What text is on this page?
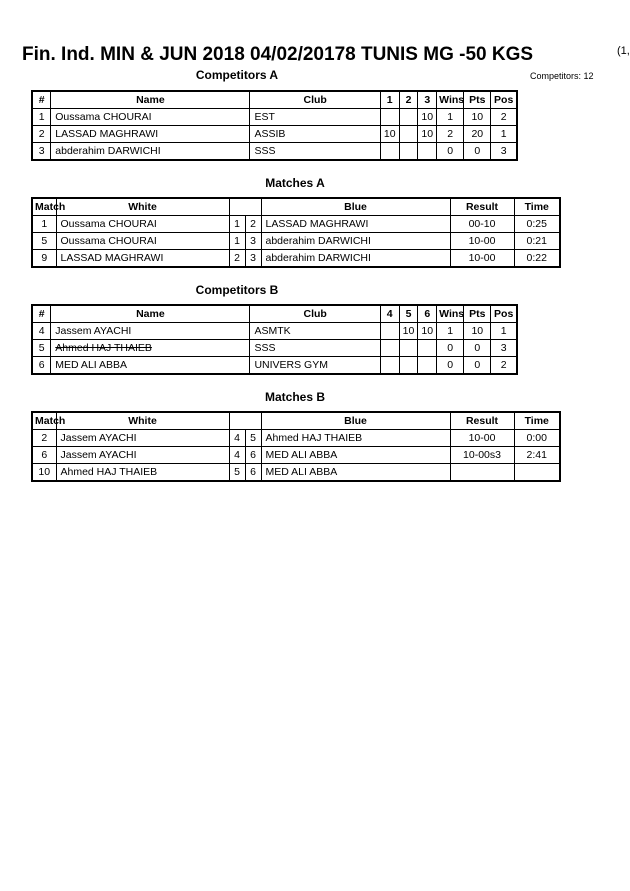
Fin. Ind. MIN & JUN 2018 04/02/20178 TUNIS MG -50 KGS	(1,
Competitors: 12
Competitors A
#	Name	Club	1	2	3	Wins	Pts	Pos
1	Oussama CHOURAI	EST			10	1	10	2
2	LASSAD MAGHRAWI	ASSIB	10		10	2	20	1
3	abderahim DARWICHI	SSS				0	0	3
Matches A
Match	White			Blue	Result	Time
1	Oussama CHOURAI	1	2	LASSAD MAGHRAWI	00-10	0:25
5	Oussama CHOURAI	1	3	abderahim DARWICHI	10-00	0:21
9	LASSAD MAGHRAWI	2	3	abderahim DARWICHI	10-00	0:22
Competitors B
#	Name	Club	4	5	6	Wins	Pts	Pos
4	Jassem AYACHI	ASMTK		10	10	1	10	1
5	Ahmed HAJ THAIEB	SSS				0	0	3
6	MED ALI ABBA	UNIVERS GYM				0	0	2
Matches B
Match	White			Blue	Result	Time
2	Jassem AYACHI	4	5	Ahmed HAJ THAIEB	10-00	0:00
6	Jassem AYACHI	4	6	MED ALI ABBA	10-00s3	2:41
10	Ahmed HAJ THAIEB	5	6	MED ALI ABBA		
